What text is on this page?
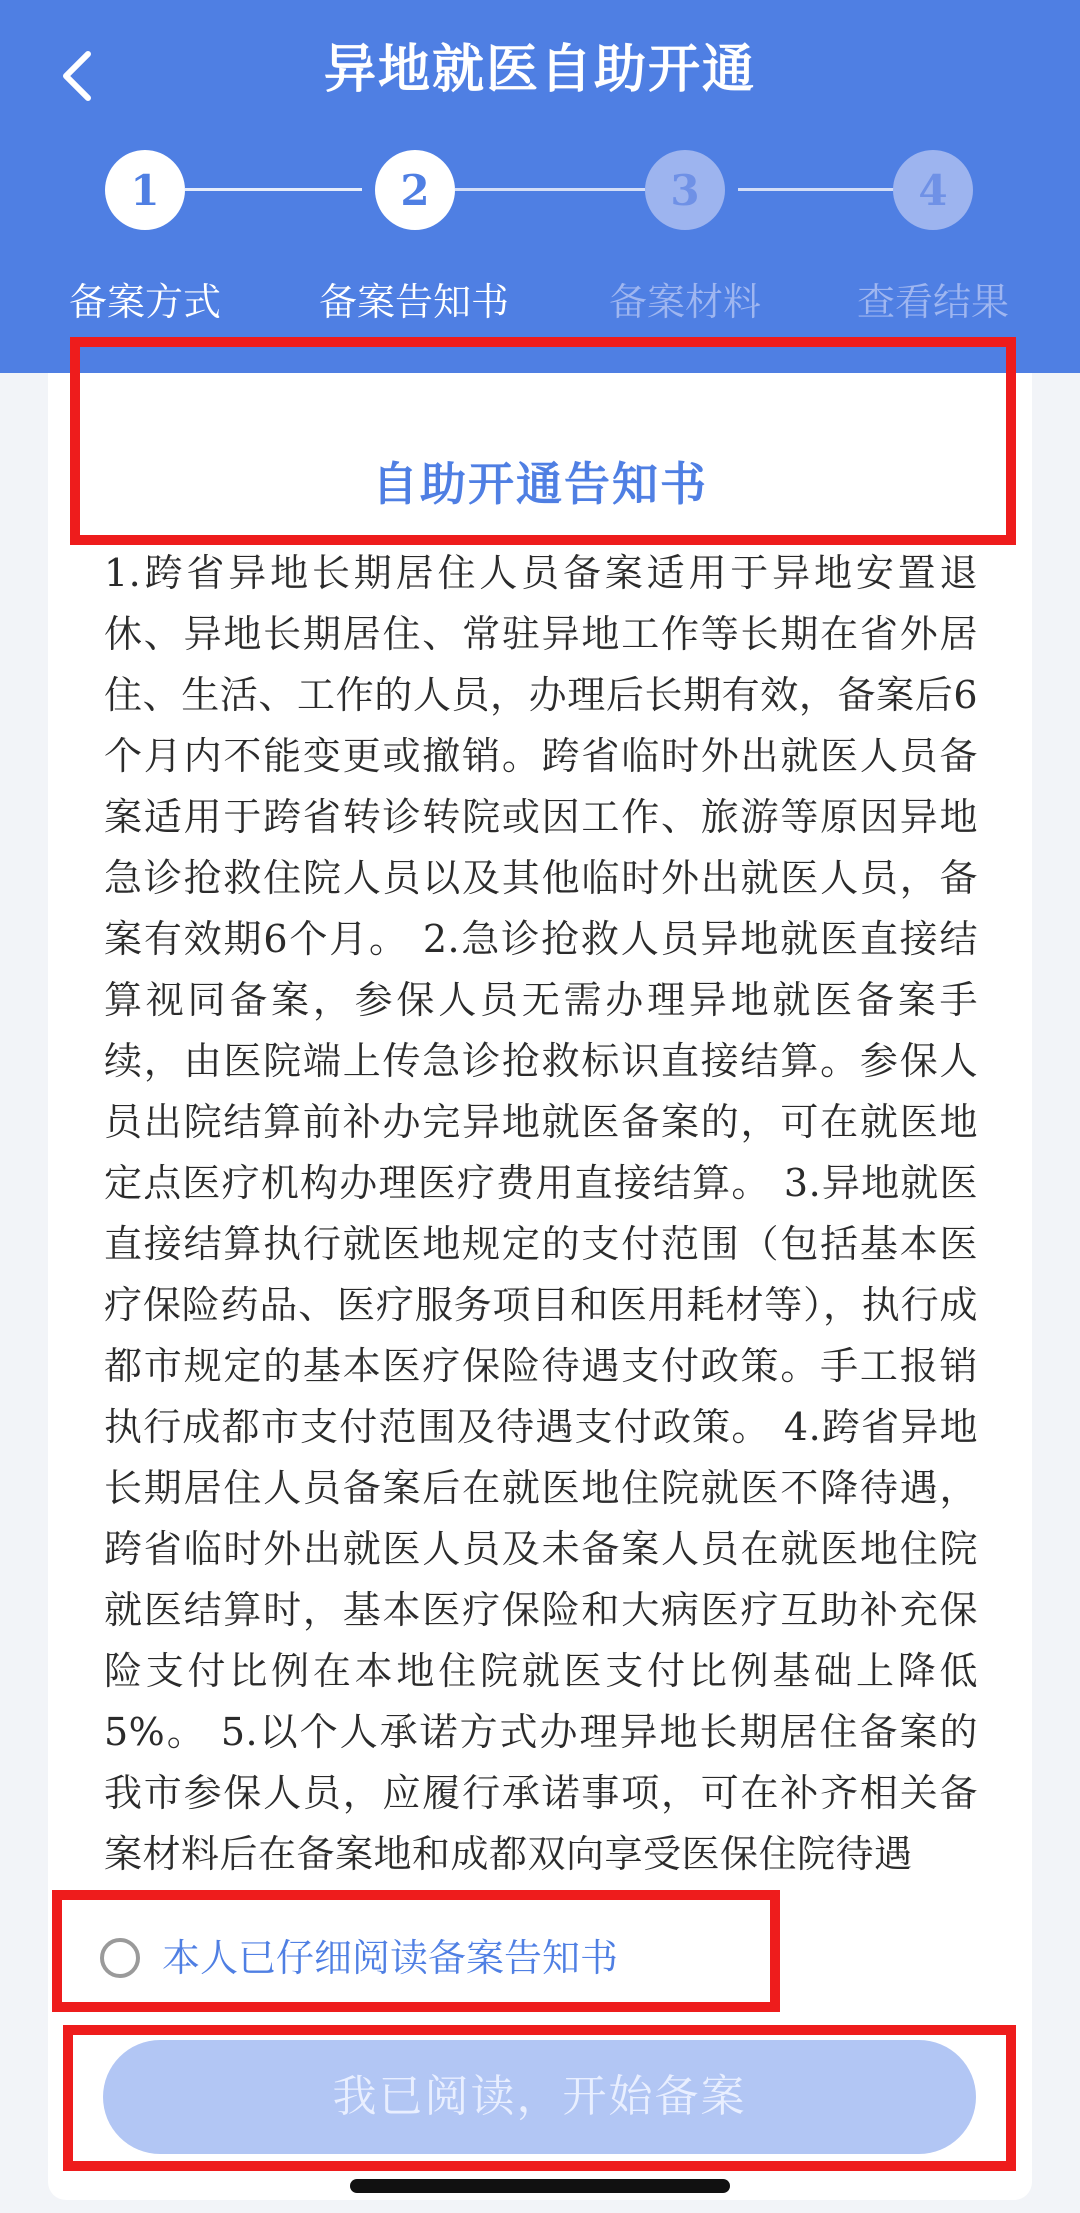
异地就医自助开通
1	2	3	4
备案方式	备案告知书	备案材料	查看结果
自助开通告知书
1.跨省异地长期居住人员备案适用于异地安置退休、异地长期居住、常驻异地工作等长期在省外居住、生活、工作的人员，办理后长期有效，备案后6个月内不能变更或撤销。跨省临时外出就医人员备案适用于跨省转诊转院或因工作、旅游等原因异地急诊抢救住院人员以及其他临时外出就医人员，备案有效期6个月。 2.急诊抢救人员异地就医直接结算视同备案，参保人员无需办理异地就医备案手续，由医院端上传急诊抢救标识直接结算。参保人员出院结算前补办完异地就医备案的，可在就医地定点医疗机构办理医疗费用直接结算。 3.异地就医直接结算执行就医地规定的支付范围（包括基本医疗保险药品、医疗服务项目和医用耗材等），执行成都市规定的基本医疗保险待遇支付政策。手工报销执行成都市支付范围及待遇支付政策。 4.跨省异地长期居住人员备案后在就医地住院就医不降待遇，跨省临时外出就医人员及未备案人员在就医地住院就医结算时，基本医疗保险和大病医疗互助补充保险支付比例在本地住院就医支付比例基础上降低5%。 5.以个人承诺方式办理异地长期居住备案的我市参保人员，应履行承诺事项，可在补齐相关备案材料后在备案地和成都双向享受医保住院待遇
本人已仔细阅读备案告知书
我已阅读，开始备案
